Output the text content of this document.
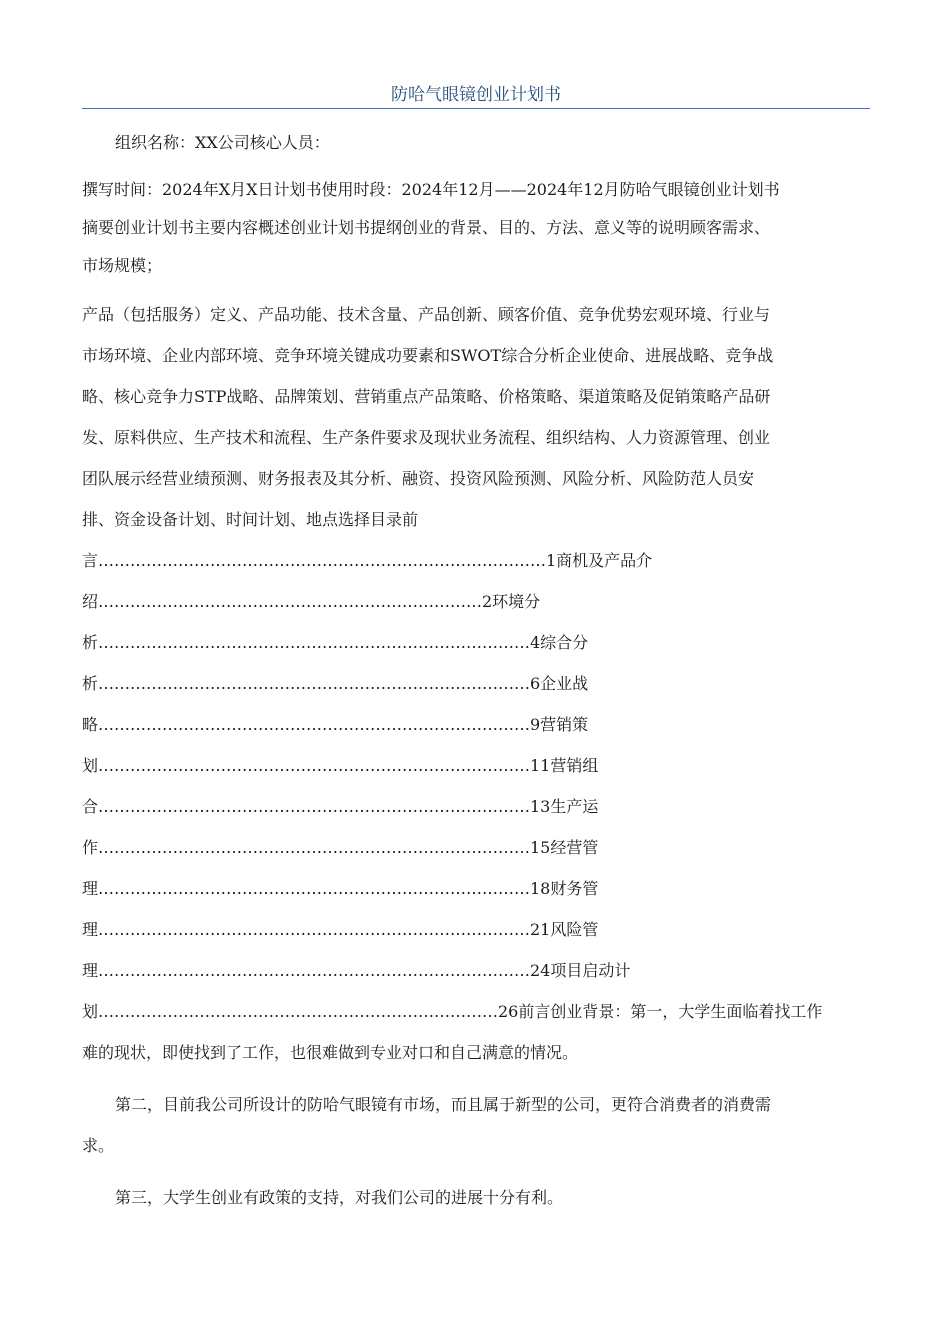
防哈气眼镜创业计划书

组织名称：XX公司核心人员：

撰写时间：2024年X月X日计划书使用时段：2024年12月——2024年12月防哈气眼镜创业计划书

摘要创业计划书主要内容概述创业计划书提纲创业的背景、目的、方法、意义等的说明顾客需求、

市场规模；

产品（包括服务）定义、产品功能、技术含量、产品创新、顾客价值、竞争优势宏观环境、行业与

市场环境、企业内部环境、竞争环境关键成功要素和SWOT综合分析企业使命、进展战略、竞争战

略、核心竞争力STP战略、品牌策划、营销重点产品策略、价格策略、渠道策略及促销策略产品研

发、原料供应、生产技术和流程、生产条件要求及现状业务流程、组织结构、人力资源管理、创业

团队展示经营业绩预测、财务报表及其分析、融资、投资风险预测、风险分析、风险防范人员安

排、资金设备计划、时间计划、地点选择目录前

言…………………………………………………………………………1商机及产品介

绍………………………………………………………………2环境分

析………………………………………………………………………4综合分

析………………………………………………………………………6企业战

略………………………………………………………………………9营销策

划………………………………………………………………………11营销组

合………………………………………………………………………13生产运

作………………………………………………………………………15经营管

理………………………………………………………………………18财务管

理………………………………………………………………………21风险管

理………………………………………………………………………24项目启动计

划…………………………………………………………………26前言创业背景：第一，大学生面临着找工作

难的现状，即使找到了工作，也很难做到专业对口和自己满意的情况。

第二，目前我公司所设计的防哈气眼镜有市场，而且属于新型的公司，更符合消费者的消费需

求。

第三，大学生创业有政策的支持，对我们公司的进展十分有利。
